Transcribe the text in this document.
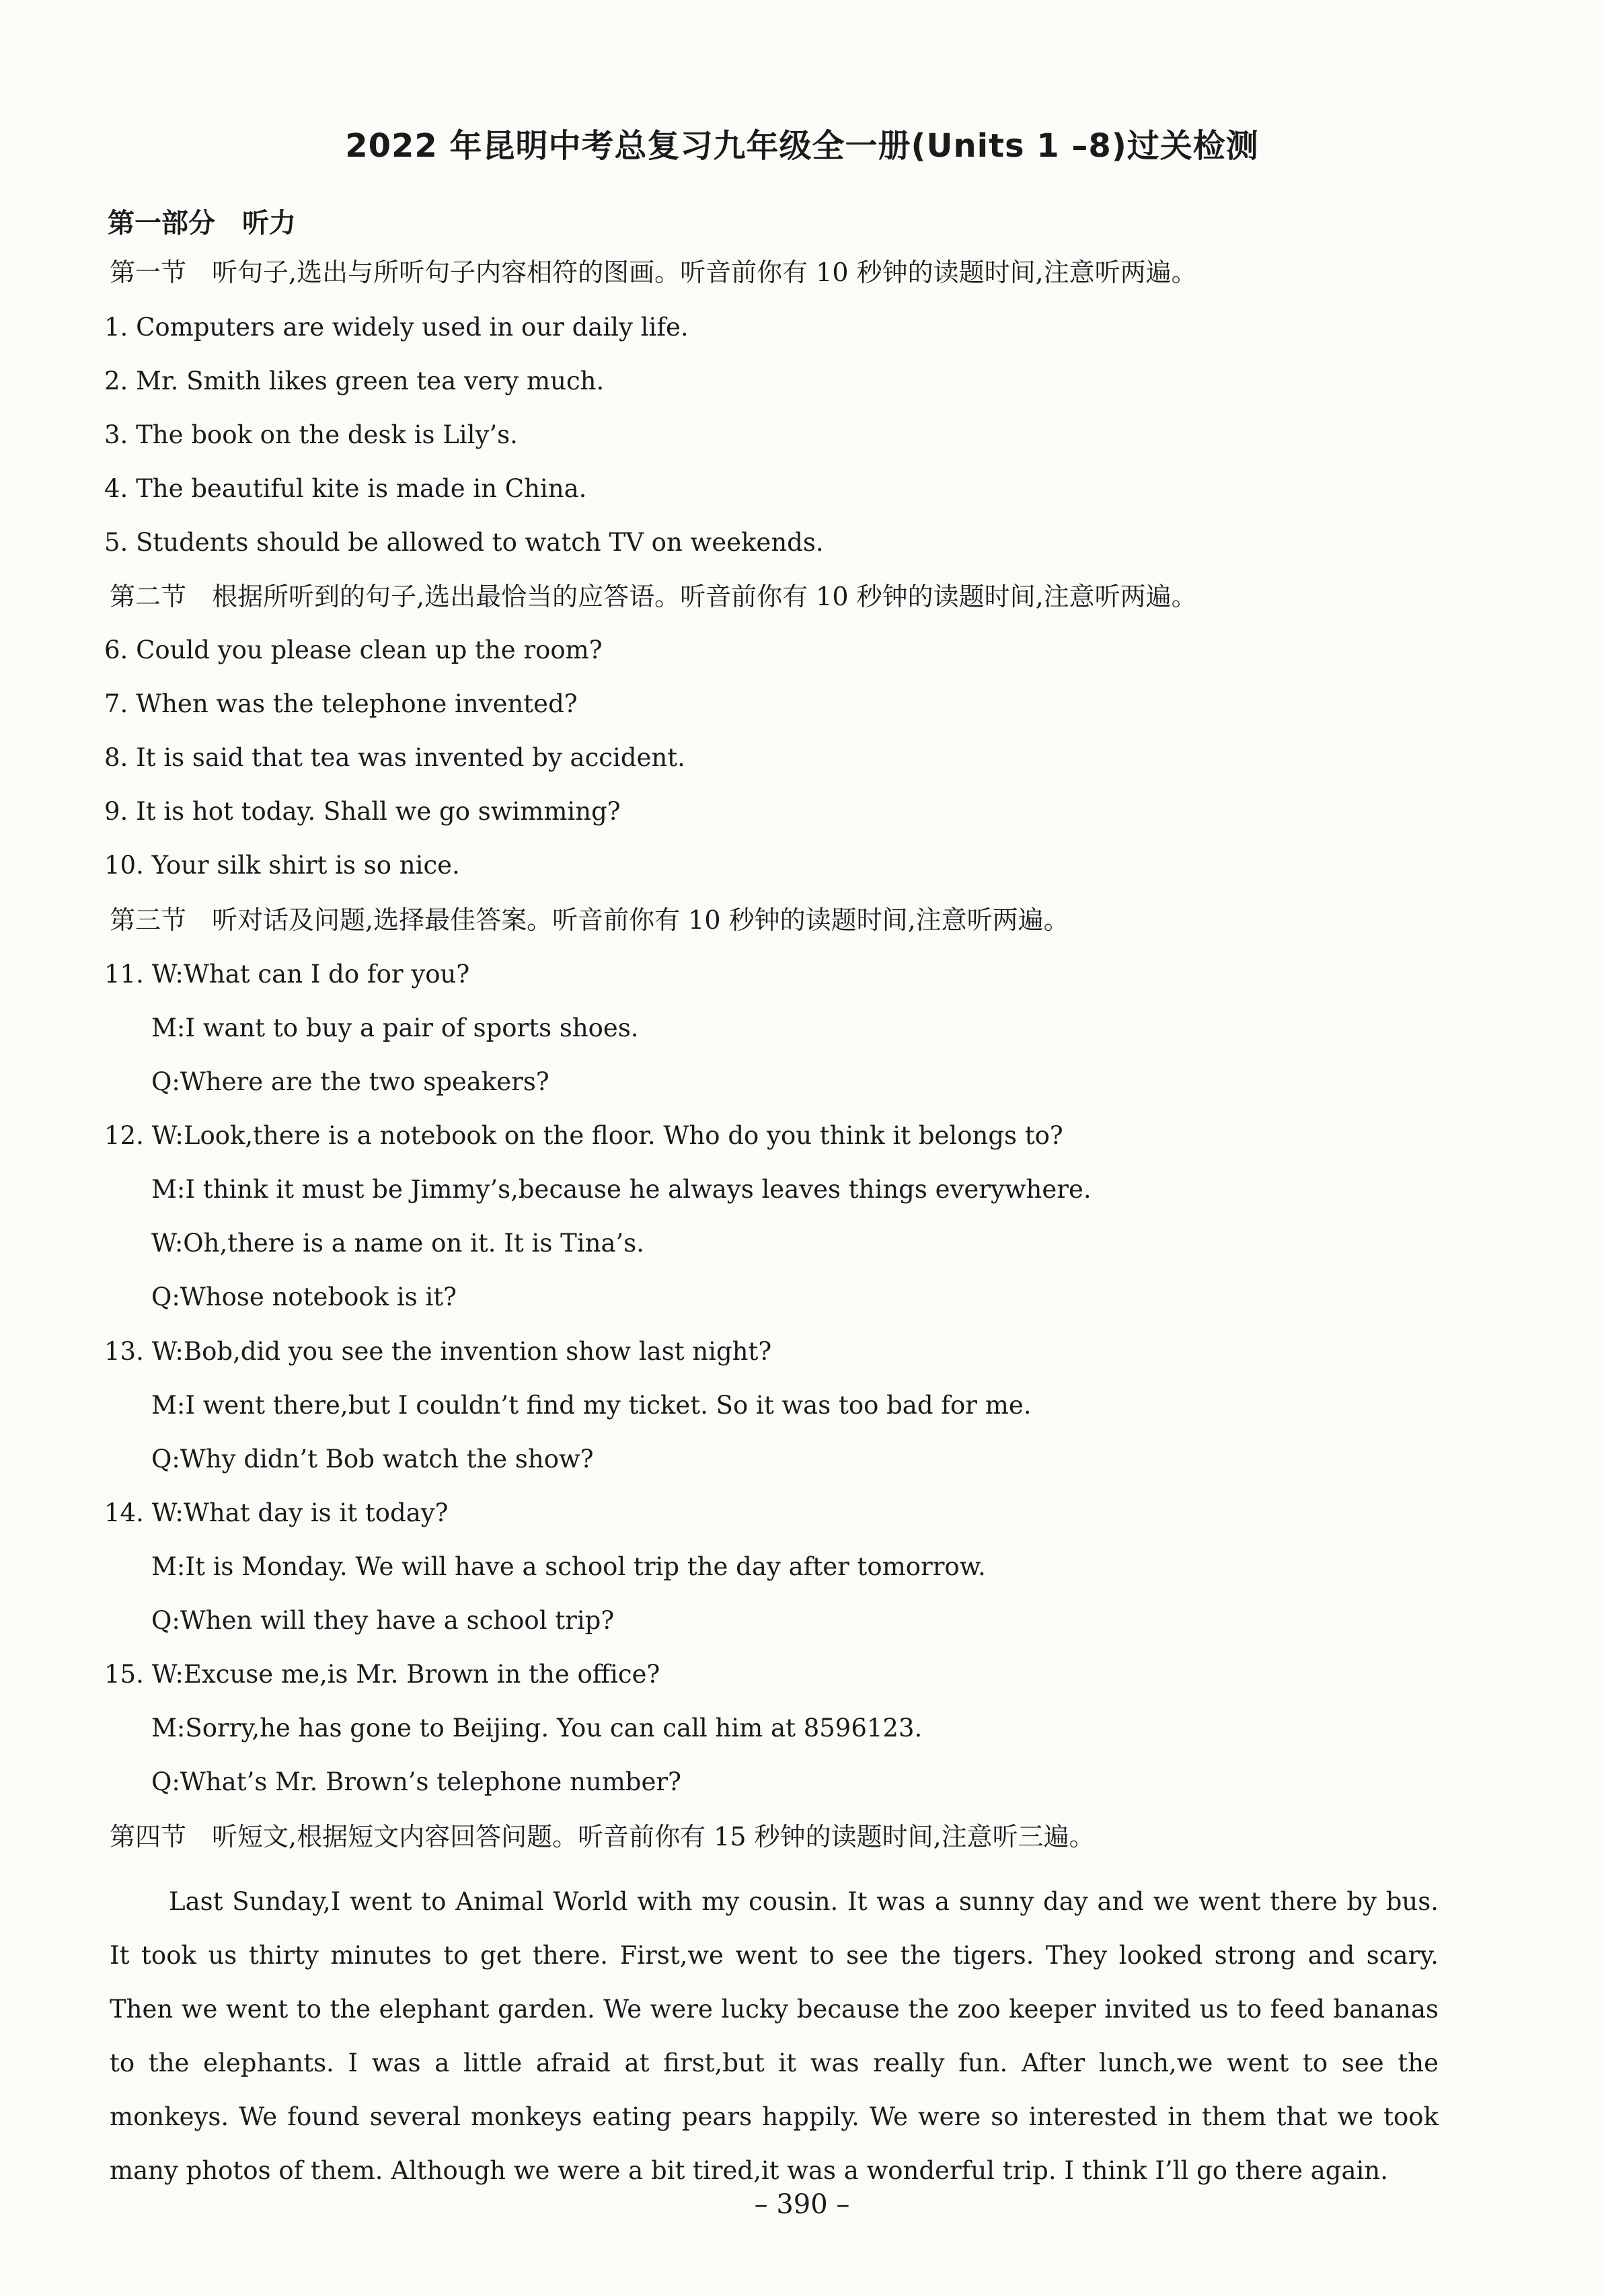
2022 年昆明中考总复习九年级全一册(Units 1 –8)过关检测
第一部分　听力
第一节　听句子,选出与所听句子内容相符的图画。听音前你有 10 秒钟的读题时间,注意听两遍。
1. Computers are widely used in our daily life.
2. Mr. Smith likes green tea very much.
3. The book on the desk is Lily’s.
4. The beautiful kite is made in China.
5. Students should be allowed to watch TV on weekends.
第二节　根据所听到的句子,选出最恰当的应答语。听音前你有 10 秒钟的读题时间,注意听两遍。
6. Could you please clean up the room?
7. When was the telephone invented?
8. It is said that tea was invented by accident.
9. It is hot today. Shall we go swimming?
10. Your silk shirt is so nice.
第三节　听对话及问题,选择最佳答案。听音前你有 10 秒钟的读题时间,注意听两遍。
11. W:What can I do for you?
M:I want to buy a pair of sports shoes.
Q:Where are the two speakers?
12. W:Look,there is a notebook on the floor. Who do you think it belongs to?
M:I think it must be Jimmy’s,because he always leaves things everywhere.
W:Oh,there is a name on it. It is Tina’s.
Q:Whose notebook is it?
13. W:Bob,did you see the invention show last night?
M:I went there,but I couldn’t find my ticket. So it was too bad for me.
Q:Why didn’t Bob watch the show?
14. W:What day is it today?
M:It is Monday. We will have a school trip the day after tomorrow.
Q:When will they have a school trip?
15. W:Excuse me,is Mr. Brown in the office?
M:Sorry,he has gone to Beijing. You can call him at 8596123.
Q:What’s Mr. Brown’s telephone number?
第四节　听短文,根据短文内容回答问题。听音前你有 15 秒钟的读题时间,注意听三遍。
Last Sunday,I went to Animal World with my cousin. It was a sunny day and we went there by bus. It took us thirty minutes to get there. First,we went to see the tigers. They looked strong and scary. Then we went to the elephant garden. We were lucky because the zoo keeper invited us to feed bananas to the elephants. I was a little afraid at first,but it was really fun. After lunch,we went to see the monkeys. We found several monkeys eating pears happily. We were so interested in them that we took many photos of them. Although we were a bit tired,it was a wonderful trip. I think I’ll go there again.
– 390 –
